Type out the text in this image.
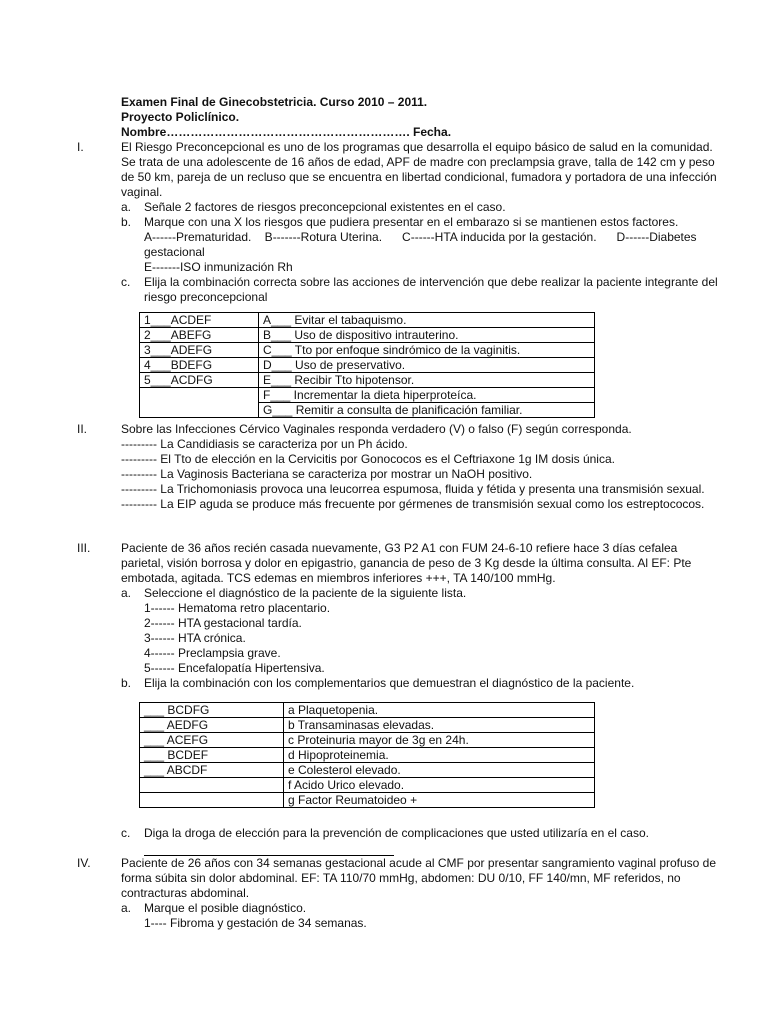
Examen Final de Ginecobstetricia. Curso 2010 – 2011.
Proyecto Policlínico.
Nombre……………………………………………………. Fecha.
I.	El Riesgo Preconcepcional es uno de los programas que desarrolla el equipo básico de salud en la comunidad. Se trata de una adolescente de 16 años de edad, APF de madre con preclampsia grave, talla de 142 cm y peso de 50 km, pareja de un recluso que se encuentra en libertad condicional, fumadora y portadora de una infección vaginal.

a.	Señale 2 factores de riesgos preconcepcional existentes en el caso.
b.	Marque con una X los riesgos que pudiera presentar en el embarazo si se mantienen estos factores.
A------Prematuridad.    B-------Rotura Uterina.      C------HTA inducida por la gestación.      D------Diabetes
gestacional
E-------ISO inmunización Rh
c.	Elija la combinación correcta sobre las acciones de intervención que debe realizar la paciente integrante del riesgo preconcepcional
1___ACDEF	A___ Evitar el tabaquismo.
2___ABEFG	B___ Uso de dispositivo intrauterino.
3___ADEFG	C___ Tto por enfoque sindrómico de la vaginitis.
4___BDEFG	D___ Uso de preservativo.
5___ACDFG	E___ Recibir Tto hipotensor.
	F___ Incrementar la dieta hiperproteíca.
	G___ Remitir a consulta de planificación familiar.
II.	Sobre las Infecciones Cérvico Vaginales responda verdadero (V) o falso (F) según corresponda.

--------- La Candidiasis se caracteriza por un Ph ácido.
--------- El Tto de elección en la Cervicitis por Gonococos es el Ceftriaxone 1g IM dosis única.
--------- La Vaginosis Bacteriana se caracteriza por mostrar un NaOH positivo.
--------- La Trichomoniasis provoca una leucorrea espumosa, fluida y fétida y presenta una transmisión sexual.
--------- La EIP aguda se produce más frecuente por gérmenes de transmisión sexual como los estreptococos.
III.	Paciente de 36 años recién casada nuevamente, G3 P2 A1 con FUM 24-6-10 refiere hace 3 días cefalea parietal, visión borrosa y dolor en epigastrio, ganancia de peso de 3 Kg desde la última consulta. Al EF: Pte embotada, agitada. TCS edemas en miembros inferiores +++, TA 140/100 mmHg.

a.	Seleccione el diagnóstico de la paciente de la siguiente lista.
1------ Hematoma retro placentario.
2------ HTA gestacional tardía.
3------ HTA crónica.
4------ Preclampsia grave.
5------ Encefalopatía Hipertensiva.
b.	Elija la combinación con los complementarios que demuestran el diagnóstico de la paciente.
___ BCDFG	a Plaquetopenia.
___ AEDFG	b Transaminasas elevadas.
___ ACEFG	c Proteinuria mayor de 3g en 24h.
___ BCDEF	d Hipoproteinemia.
___ ABCDF	e Colesterol elevado.
	f Acido Urico elevado.
	g Factor Reumatoideo +
c.	Diga la droga de elección para la prevención de complicaciones que usted utilizaría en el caso.
IV.	Paciente de 26 años con 34 semanas gestacional acude al CMF por presentar sangramiento vaginal profuso de forma súbita sin dolor abdominal. EF: TA 110/70 mmHg, abdomen: DU 0/10, FF 140/mn, MF referidos, no contracturas abdominal.

a.	Marque el posible diagnóstico.
1---- Fibroma y gestación de 34 semanas.
